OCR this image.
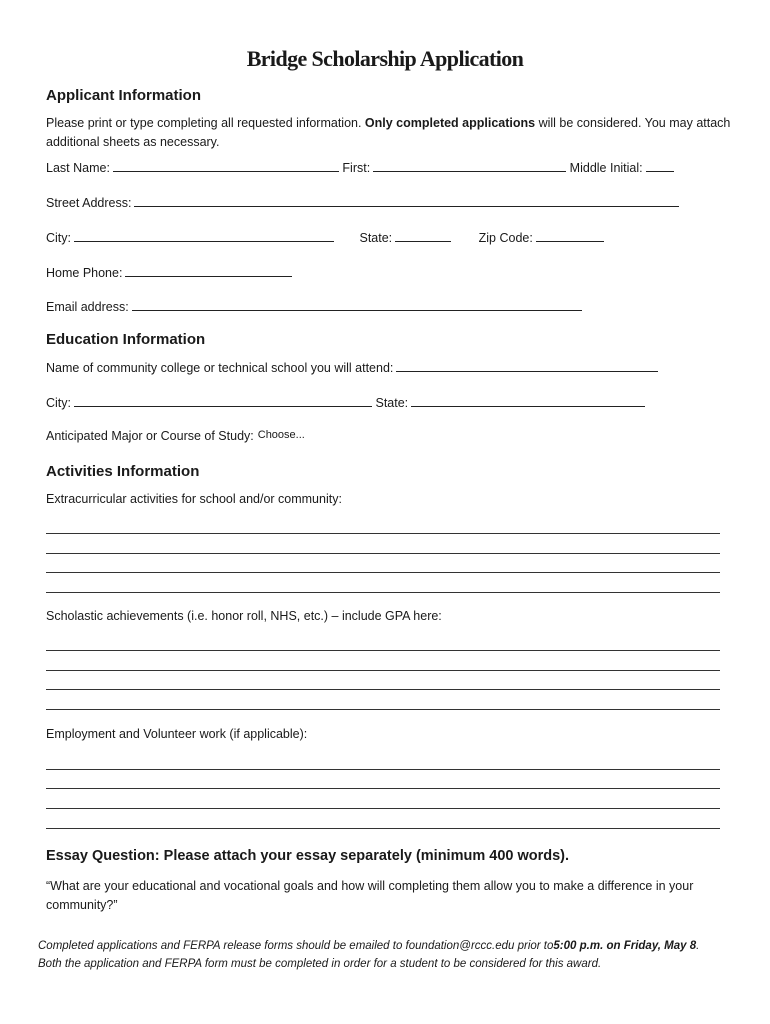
Bridge Scholarship Application
Applicant Information
Please print or type completing all requested information. Only completed applications will be considered. You may attach additional sheets as necessary.
Last Name:	First:	Middle Initial:
Street Address:
City:	State:	Zip Code:
Home Phone:
Email address:
Education Information
Name of community college or technical school you will attend:
City:	State:
Anticipated Major or Course of Study: Choose...
Activities Information
Extracurricular activities for school and/or community:
Scholastic achievements (i.e. honor roll, NHS, etc.) – include GPA here:
Employment and Volunteer work (if applicable):
Essay Question: Please attach your essay separately (minimum 400 words).
“What are your educational and vocational goals and how will completing them allow you to make a difference in your community?”
Completed applications and FERPA release forms should be emailed to foundation@rccc.edu prior to5:00 p.m. on Friday, May 8.
Both the application and FERPA form must be completed in order for a student to be considered for this award.
